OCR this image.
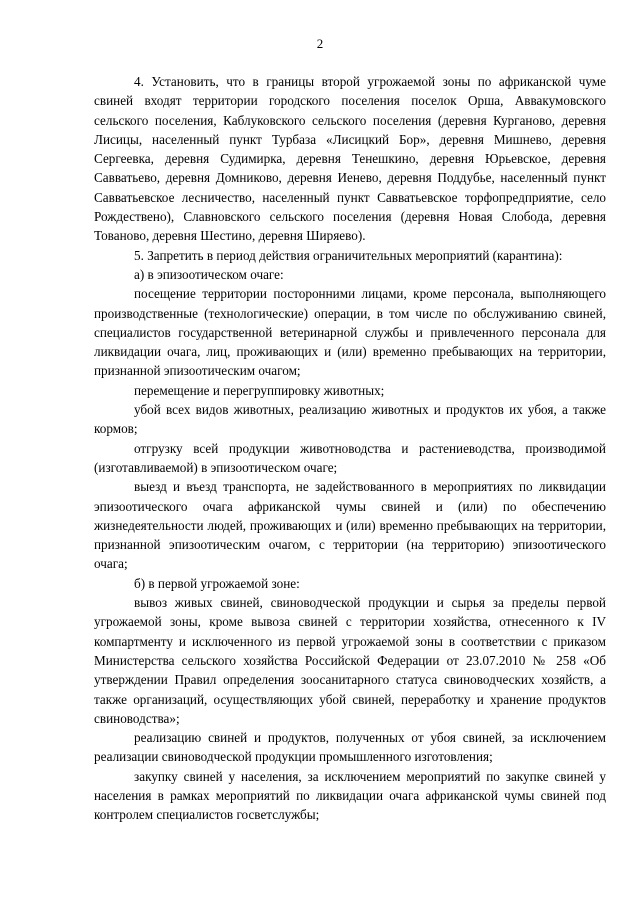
2

4. Установить, что в границы второй угрожаемой зоны по африканской чуме свиней входят территории городского поселения поселок Орша, Аввакумовского сельского поселения, Каблуковского сельского поселения (деревня Курганово, деревня Лисицы, населенный пункт Турбаза «Лисицкий Бор», деревня Мишнево, деревня Сергеевка, деревня Судимирка, деревня Тенешкино, деревня Юрьевское, деревня Савватьево, деревня Домниково, деревня Иенево, деревня Поддубье, населенный пункт Савватьевское лесничество, населенный пункт Савватьевское торфопредприятие, село Рождествено), Славновского сельского поселения (деревня Новая Слобода, деревня Тованово, деревня Шестино, деревня Ширяево).

5. Запретить в период действия ограничительных мероприятий (карантина):

а) в эпизоотическом очаге:

посещение территории посторонними лицами, кроме персонала, выполняющего производственные (технологические) операции, в том числе по обслуживанию свиней, специалистов государственной ветеринарной службы и привлеченного персонала для ликвидации очага, лиц, проживающих и (или) временно пребывающих на территории, признанной эпизоотическим очагом;

перемещение и перегруппировку животных;

убой всех видов животных, реализацию животных и продуктов их убоя, а также кормов;

отгрузку всей продукции животноводства и растениеводства, производимой (изготавливаемой) в эпизоотическом очаге;

выезд и въезд транспорта, не задействованного в мероприятиях по ликвидации эпизоотического очага африканской чумы свиней и (или) по обеспечению жизнедеятельности людей, проживающих и (или) временно пребывающих на территории, признанной эпизоотическим очагом, с территории (на территорию) эпизоотического очага;

б) в первой угрожаемой зоне:

вывоз живых свиней, свиноводческой продукции и сырья за пределы первой угрожаемой зоны, кроме вывоза свиней с территории хозяйства, отнесенного к IV компартменту и исключенного из первой угрожаемой зоны в соответствии с приказом Министерства сельского хозяйства Российской Федерации от 23.07.2010 № 258 «Об утверждении Правил определения зоосанитарного статуса свиноводческих хозяйств, а также организаций, осуществляющих убой свиней, переработку и хранение продуктов свиноводства»;

реализацию свиней и продуктов, полученных от убоя свиней, за исключением реализации свиноводческой продукции промышленного изготовления;

закупку свиней у населения, за исключением мероприятий по закупке свиней у населения в рамках мероприятий по ликвидации очага африканской чумы свиней под контролем специалистов госветслужбы;
